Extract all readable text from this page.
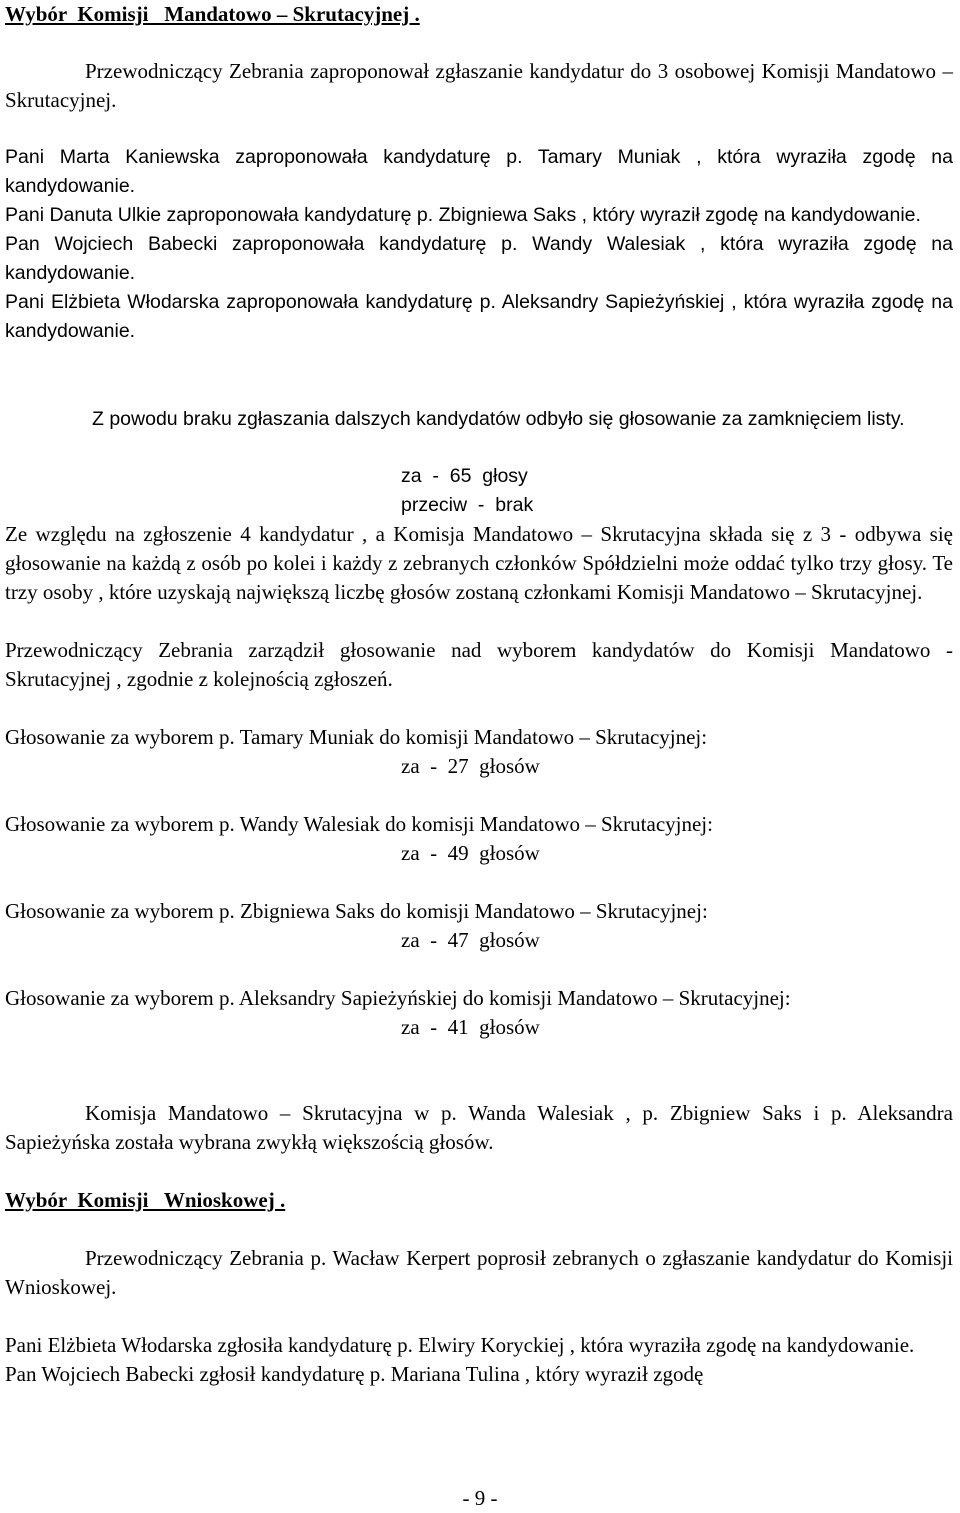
Wybór  Komisji   Mandatowo – Skrutacyjnej .

Przewodniczący Zebrania zaproponował zgłaszanie kandydatur do 3 osobowej Komisji Mandatowo – Skrutacyjnej.

Pani Marta Kaniewska zaproponowała kandydaturę p. Tamary Muniak , która wyraziła zgodę na kandydowanie.

Pani Danuta Ulkie zaproponowała kandydaturę p. Zbigniewa Saks , który wyraził zgodę na kandydowanie.

Pan Wojciech Babecki zaproponowała kandydaturę p. Wandy Walesiak , która wyraziła zgodę na kandydowanie.

Pani Elżbieta Włodarska zaproponowała kandydaturę p. Aleksandry Sapieżyńskiej , która wyraziła zgodę na kandydowanie.

Z powodu braku zgłaszania dalszych kandydatów odbyło się głosowanie za zamknięciem listy.

za  -  65  głosy

przeciw  -  brak

Ze względu na zgłoszenie 4 kandydatur , a Komisja Mandatowo – Skrutacyjna składa się z 3 - odbywa się głosowanie na każdą z osób po kolei i każdy z zebranych członków Spółdzielni może oddać tylko trzy głosy. Te trzy osoby , które uzyskają największą liczbę głosów zostaną członkami Komisji Mandatowo – Skrutacyjnej.

Przewodniczący Zebrania zarządził głosowanie nad wyborem kandydatów do Komisji Mandatowo - Skrutacyjnej , zgodnie z kolejnością zgłoszeń.

Głosowanie za wyborem p. Tamary Muniak do komisji Mandatowo – Skrutacyjnej:

za  -  27  głosów

Głosowanie za wyborem p. Wandy Walesiak do komisji Mandatowo – Skrutacyjnej:

za  -  49  głosów

Głosowanie za wyborem p. Zbigniewa Saks do komisji Mandatowo – Skrutacyjnej:

za  -  47  głosów

Głosowanie za wyborem p. Aleksandry Sapieżyńskiej do komisji Mandatowo – Skrutacyjnej:

za  -  41  głosów

Komisja Mandatowo – Skrutacyjna w p. Wanda Walesiak , p. Zbigniew Saks i p. Aleksandra Sapieżyńska została wybrana zwykłą większością głosów.

Wybór  Komisji   Wnioskowej .

Przewodniczący Zebrania p. Wacław Kerpert poprosił zebranych o zgłaszanie kandydatur do Komisji Wnioskowej.

Pani Elżbieta Włodarska zgłosiła kandydaturę p. Elwiry Koryckiej , która wyraziła zgodę na kandydowanie.

Pan Wojciech Babecki zgłosił kandydaturę p. Mariana Tulina , który wyraził zgodę

- 9 -
